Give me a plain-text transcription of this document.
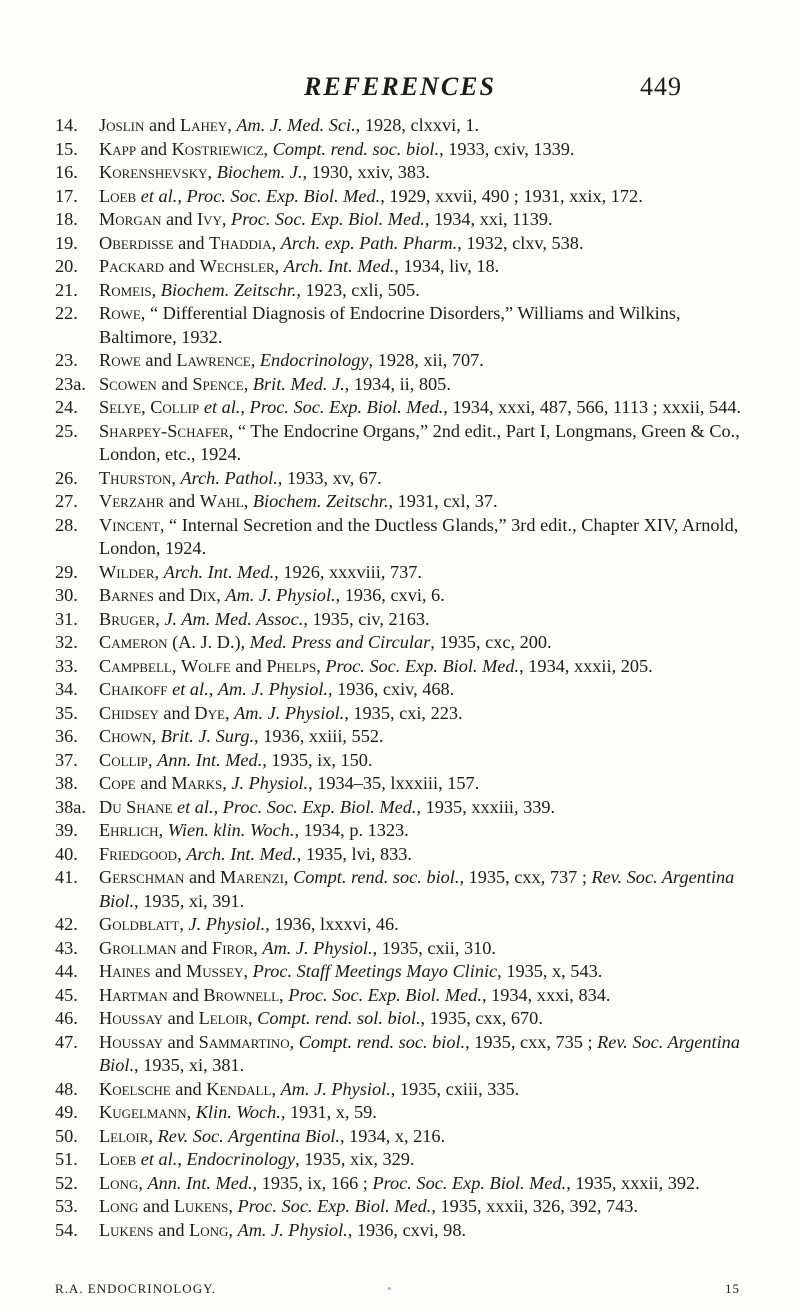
REFERENCES	449
14. Joslin and Lahey, Am. J. Med. Sci., 1928, clxxvi, 1.
15. Kapp and Kostriewicz, Compt. rend. soc. biol., 1933, cxiv, 1339.
16. Korenshevsky, Biochem. J., 1930, xxiv, 383.
17. Loeb et al., Proc. Soc. Exp. Biol. Med., 1929, xxvii, 490 ; 1931, xxix, 172.
18. Morgan and Ivy, Proc. Soc. Exp. Biol. Med., 1934, xxi, 1139.
19. Oberdisse and Thaddia, Arch. exp. Path. Pharm., 1932, clxv, 538.
20. Packard and Wechsler, Arch. Int. Med., 1934, liv, 18.
21. Romeis, Biochem. Zeitschr., 1923, cxli, 505.
22. Rowe, “ Differential Diagnosis of Endocrine Disorders,” Williams and Wilkins, Baltimore, 1932.
23. Rowe and Lawrence, Endocrinology, 1928, xii, 707.
23a. Scowen and Spence, Brit. Med. J., 1934, ii, 805.
24. Selye, Collip et al., Proc. Soc. Exp. Biol. Med., 1934, xxxi, 487, 566, 1113 ; xxxii, 544.
25. Sharpey-Schafer, “ The Endocrine Organs,” 2nd edit., Part I, Longmans, Green & Co., London, etc., 1924.
26. Thurston, Arch. Pathol., 1933, xv, 67.
27. Verzahr and Wahl, Biochem. Zeitschr., 1931, cxl, 37.
28. Vincent, “ Internal Secretion and the Ductless Glands,” 3rd edit., Chapter XIV, Arnold, London, 1924.
29. Wilder, Arch. Int. Med., 1926, xxxviii, 737.
30. Barnes and Dix, Am. J. Physiol., 1936, cxvi, 6.
31. Bruger, J. Am. Med. Assoc., 1935, civ, 2163.
32. Cameron (A. J. D.), Med. Press and Circular, 1935, cxc, 200.
33. Campbell, Wolfe and Phelps, Proc. Soc. Exp. Biol. Med., 1934, xxxii, 205.
34. Chaikoff et al., Am. J. Physiol., 1936, cxiv, 468.
35. Chidsey and Dye, Am. J. Physiol., 1935, cxi, 223.
36. Chown, Brit. J. Surg., 1936, xxiii, 552.
37. Collip, Ann. Int. Med., 1935, ix, 150.
38. Cope and Marks, J. Physiol., 1934–35, lxxxiii, 157.
38a. Du Shane et al., Proc. Soc. Exp. Biol. Med., 1935, xxxiii, 339.
39. Ehrlich, Wien. klin. Woch., 1934, p. 1323.
40. Friedgood, Arch. Int. Med., 1935, lvi, 833.
41. Gerschman and Marenzi, Compt. rend. soc. biol., 1935, cxx, 737 ; Rev. Soc. Argentina Biol., 1935, xi, 391.
42. Goldblatt, J. Physiol., 1936, lxxxvi, 46.
43. Grollman and Firor, Am. J. Physiol., 1935, cxii, 310.
44. Haines and Mussey, Proc. Staff Meetings Mayo Clinic, 1935, x, 543.
45. Hartman and Brownell, Proc. Soc. Exp. Biol. Med., 1934, xxxi, 834.
46. Houssay and Leloir, Compt. rend. sol. biol., 1935, cxx, 670.
47. Houssay and Sammartino, Compt. rend. soc. biol., 1935, cxx, 735 ; Rev. Soc. Argentina Biol., 1935, xi, 381.
48. Koelsche and Kendall, Am. J. Physiol., 1935, cxiii, 335.
49. Kugelmann, Klin. Woch., 1931, x, 59.
50. Leloir, Rev. Soc. Argentina Biol., 1934, x, 216.
51. Loeb et al., Endocrinology, 1935, xix, 329.
52. Long, Ann. Int. Med., 1935, ix, 166 ; Proc. Soc. Exp. Biol. Med., 1935, xxxii, 392.
53. Long and Lukens, Proc. Soc. Exp. Biol. Med., 1935, xxxii, 326, 392, 743.
54. Lukens and Long, Am. J. Physiol., 1936, cxvi, 98.
R.A. ENDOCRINOLOGY.	•	15
